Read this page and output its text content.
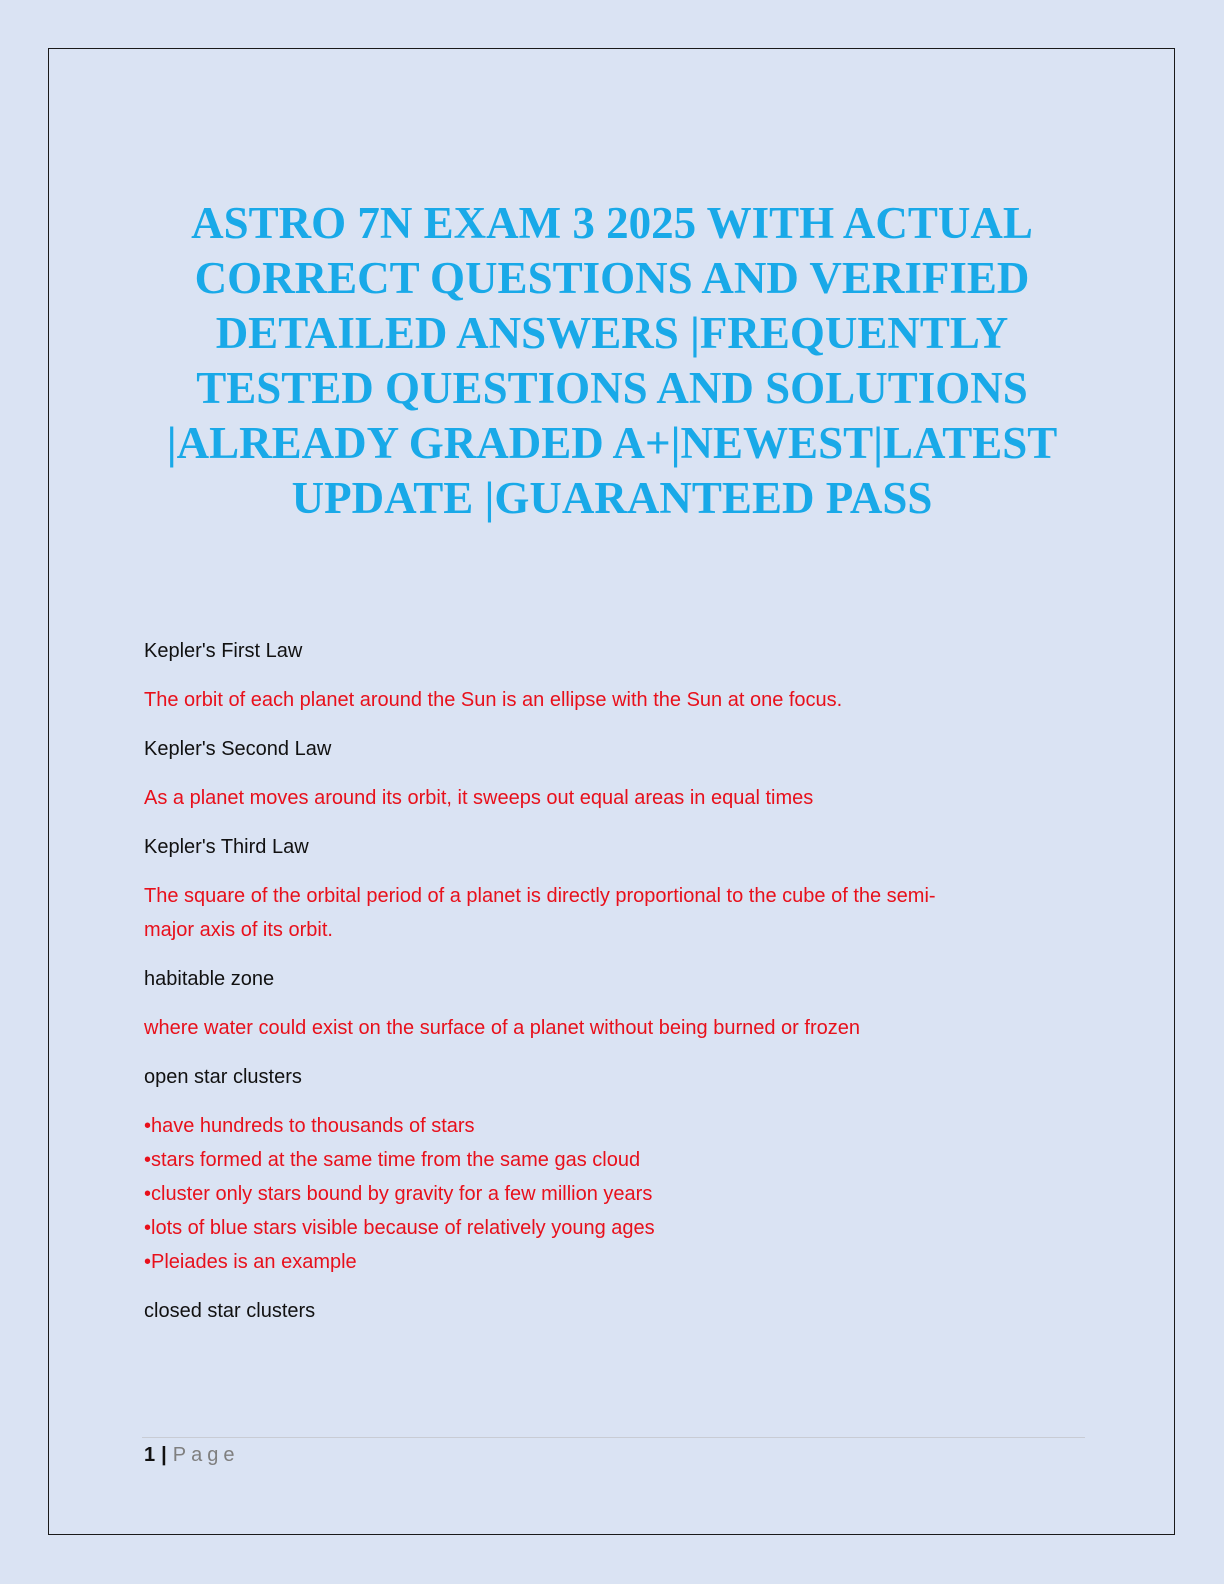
ASTRO 7N EXAM 3 2025 WITH ACTUAL
CORRECT QUESTIONS AND VERIFIED
DETAILED ANSWERS |FREQUENTLY
TESTED QUESTIONS AND SOLUTIONS
|ALREADY GRADED A+|NEWEST|LATEST
UPDATE |GUARANTEED PASS

Kepler's First Law

The orbit of each planet around the Sun is an ellipse with the Sun at one focus.

Kepler's Second Law

As a planet moves around its orbit, it sweeps out equal areas in equal times

Kepler's Third Law

The square of the orbital period of a planet is directly proportional to the cube of the semi-
major axis of its orbit.

habitable zone

where water could exist on the surface of a planet without being burned or frozen

open star clusters

•have hundreds to thousands of stars
•stars formed at the same time from the same gas cloud
•cluster only stars bound by gravity for a few million years
•lots of blue stars visible because of relatively young ages
•Pleiades is an example

closed star clusters

1 | Page
